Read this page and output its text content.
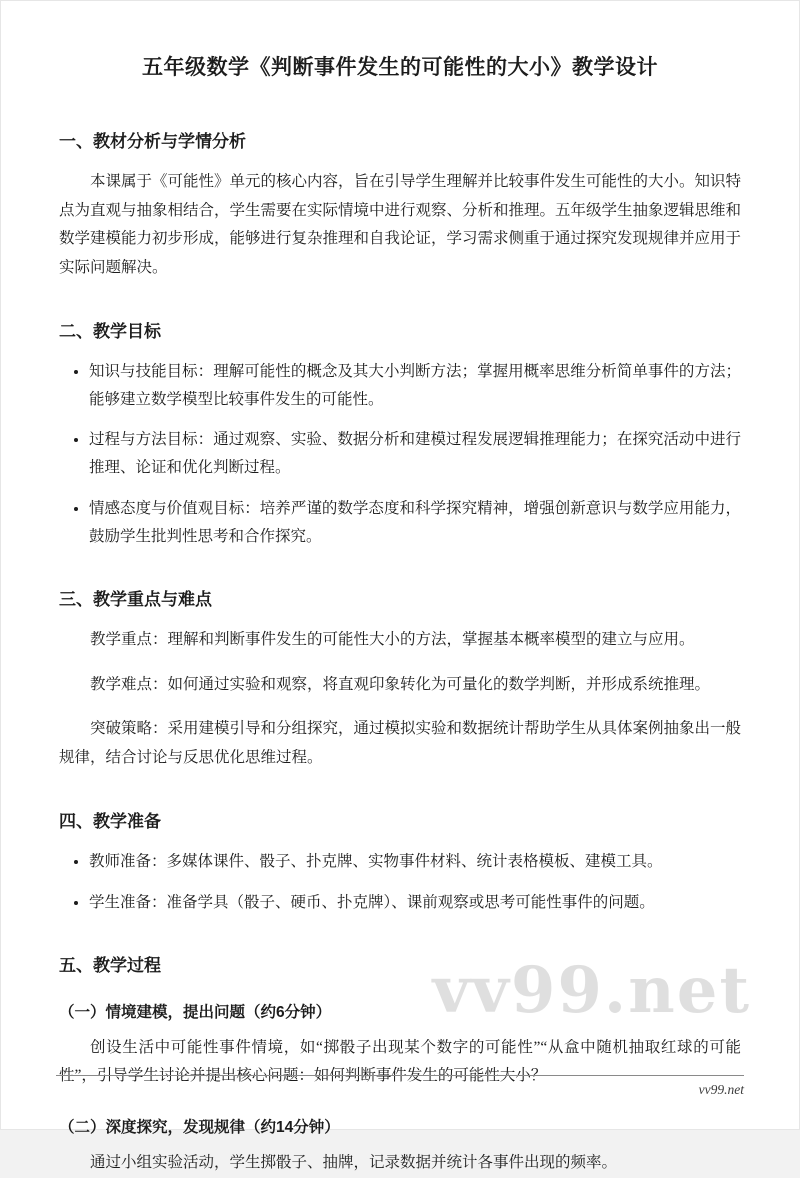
五年级数学《判断事件发生的可能性的大小》教学设计
一、教材分析与学情分析

本课属于《可能性》单元的核心内容，旨在引导学生理解并比较事件发生可能性的大小。知识特点为直观与抽象相结合，学生需要在实际情境中进行观察、分析和推理。五年级学生抽象逻辑思维和数学建模能力初步形成，能够进行复杂推理和自我论证，学习需求侧重于通过探究发现规律并应用于实际问题解决。

二、教学目标
• 知识与技能目标：理解可能性的概念及其大小判断方法；掌握用概率思维分析简单事件的方法；能够建立数学模型比较事件发生的可能性。
• 过程与方法目标：通过观察、实验、数据分析和建模过程发展逻辑推理能力；在探究活动中进行推理、论证和优化判断过程。
• 情感态度与价值观目标：培养严谨的数学态度和科学探究精神，增强创新意识与数学应用能力，鼓励学生批判性思考和合作探究。
三、教学重点与难点

教学重点：理解和判断事件发生的可能性大小的方法，掌握基本概率模型的建立与应用。

教学难点：如何通过实验和观察，将直观印象转化为可量化的数学判断，并形成系统推理。

突破策略：采用建模引导和分组探究，通过模拟实验和数据统计帮助学生从具体案例抽象出一般规律，结合讨论与反思优化思维过程。

四、教学准备
• 教师准备：多媒体课件、骰子、扑克牌、实物事件材料、统计表格模板、建模工具。
• 学生准备：准备学具（骰子、硬币、扑克牌）、课前观察或思考可能性事件的问题。
五、教学过程
（一）情境建模，提出问题（约6分钟）

创设生活中可能性事件情境，如“掷骰子出现某个数字的可能性”“从盒中随机抽取红球的可能性”，引导学生讨论并提出核心问题：如何判断事件发生的可能性大小？

（二）深度探究，发现规律（约14分钟）

通过小组实验活动，学生掷骰子、抽牌，记录数据并统计各事件出现的频率。

vv99.net
vv99.net
